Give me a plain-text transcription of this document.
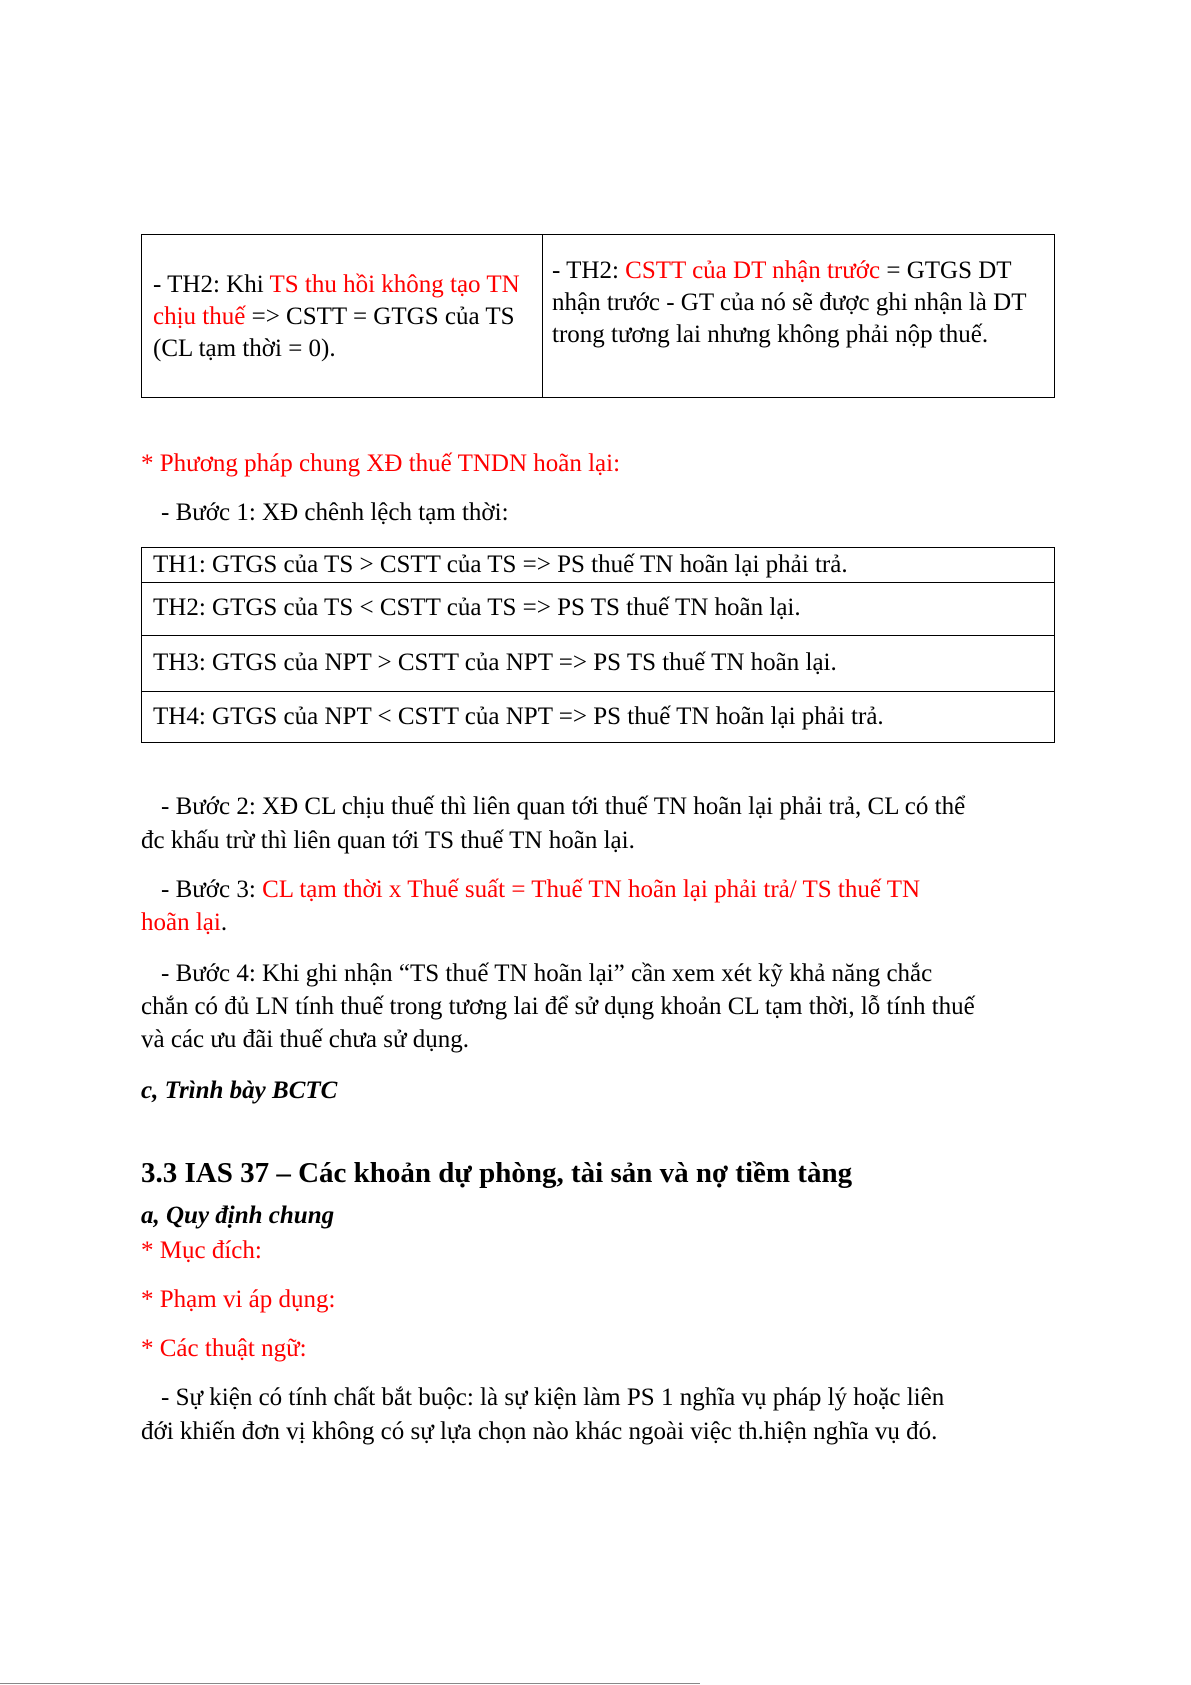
- TH2: Khi TS thu hồi không tạo TN chịu thuế => CSTT = GTGS của TS (CL tạm thời = 0).
- TH2: CSTT của DT nhận trước = GTGS DT nhận trước - GT của nó sẽ được ghi nhận là DT trong tương lai nhưng không phải nộp thuế.
* Phương pháp chung XĐ thuế TNDN hoãn lại:
- Bước 1: XĐ chênh lệch tạm thời:
TH1: GTGS của TS > CSTT của TS => PS thuế TN hoãn lại phải trả.
TH2: GTGS của TS < CSTT của TS => PS TS thuế TN hoãn lại.
TH3: GTGS của NPT > CSTT của NPT => PS TS thuế TN hoãn lại.
TH4: GTGS của NPT < CSTT của NPT => PS thuế TN hoãn lại phải trả.
- Bước 2: XĐ CL chịu thuế thì liên quan tới thuế TN hoãn lại phải trả, CL có thể
đc khấu trừ thì liên quan tới TS thuế TN hoãn lại.
- Bước 3: CL tạm thời x Thuế suất = Thuế TN hoãn lại phải trả/ TS thuế TN
hoãn lại.
- Bước 4: Khi ghi nhận “TS thuế TN hoãn lại” cần xem xét kỹ khả năng chắc
chắn có đủ LN tính thuế trong tương lai để sử dụng khoản CL tạm thời, lỗ tính thuế
và các ưu đãi thuế chưa sử dụng.
c, Trình bày BCTC
3.3 IAS 37 – Các khoản dự phòng, tài sản và nợ tiềm tàng
a, Quy định chung
* Mục đích:
* Phạm vi áp dụng:
* Các thuật ngữ:
- Sự kiện có tính chất bắt buộc: là sự kiện làm PS 1 nghĩa vụ pháp lý hoặc liên
đới khiến đơn vị không có sự lựa chọn nào khác ngoài việc th.hiện nghĩa vụ đó.
